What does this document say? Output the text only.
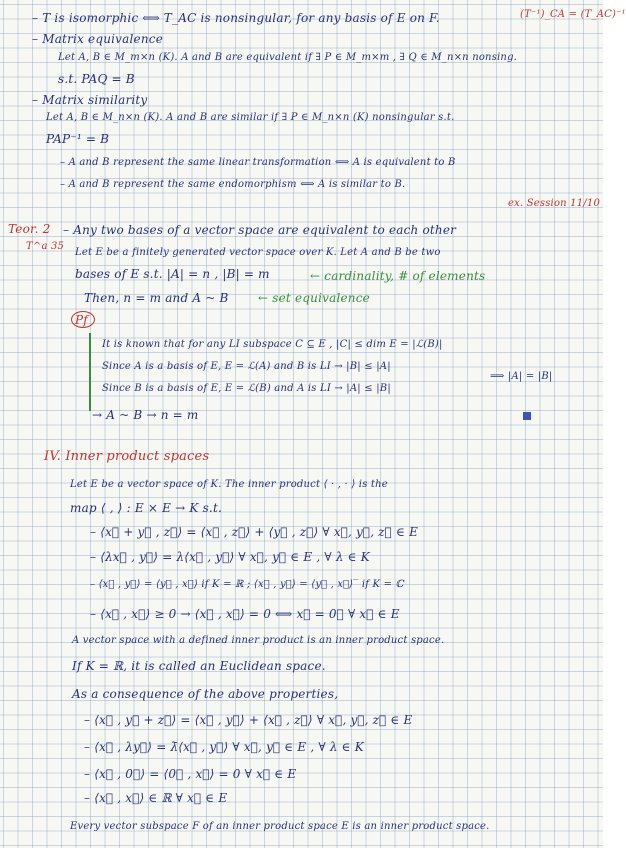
– T is isomorphic ⟺ T_AC is nonsingular, for any basis of E on F.	(T⁻¹)_CA = (T_AC)⁻¹

– Matrix equivalence

Let A, B ∈ M_m×n (K). A and B are equivalent if ∃ P ∈ M_m×m , ∃ Q ∈ M_n×n nonsing.

s.t. PAQ = B

– Matrix similarity

Let A, B ∈ M_n×n (K). A and B are similar if ∃ P ∈ M_n×n (K) nonsingular s.t.

PAP⁻¹ = B

– A and B represent the same linear transformation ⟺ A is equivalent to B

– A and B represent the same endomorphism ⟺ A is similar to B.

ex. Session 11/10

Teor. 2

T^a 35

– Any two bases of a vector space are equivalent to each other

Let E be a finitely generated vector space over K. Let A and B be two

bases of E s.t. |A| = n , |B| = m	← cardinality, # of elements

Then, n = m and A ~ B ← set equivalence

Pf

It is known that for any LI subspace C ⊆ E , |C| ≤ dim E = |ℒ(B)|

Since A is a basis of E, E = ℒ(A) and B is LI → |B| ≤ |A|

⟹ |A| = |B|

Since B is a basis of E, E = ℒ(B) and A is LI → |A| ≤ |B|

→ A ~ B → n = m

IV. Inner product spaces

Let E be a vector space of K. The inner product ⟨ · , · ⟩ is the

map ⟨ , ⟩ : E × E → K s.t.

– ⟨x⃗ + y⃗ , z⃗⟩ = ⟨x⃗ , z⃗⟩ + ⟨y⃗ , z⃗⟩ ∀ x⃗, y⃗, z⃗ ∈ E

– ⟨λx⃗ , y⃗⟩ = λ⟨x⃗ , y⃗⟩ ∀ x⃗, y⃗ ∈ E , ∀ λ ∈ K

– ⟨x⃗ , y⃗⟩ = ⟨y⃗ , x⃗⟩ if K = ℝ ; ⟨x⃗ , y⃗⟩ = ⟨y⃗ , x⃗⟩‾ if K = ℂ

– ⟨x⃗ , x⃗⟩ ≥ 0 → ⟨x⃗ , x⃗⟩ = 0 ⟺ x⃗ = 0⃗ ∀ x⃗ ∈ E

A vector space with a defined inner product is an inner product space.

If K = ℝ, it is called an Euclidean space.

As a consequence of the above properties,

– ⟨x⃗ , y⃗ + z⃗⟩ = ⟨x⃗ , y⃗⟩ + ⟨x⃗ , z⃗⟩ ∀ x⃗, y⃗, z⃗ ∈ E

– ⟨x⃗ , λy⃗⟩ = λ̄⟨x⃗ , y⃗⟩ ∀ x⃗, y⃗ ∈ E , ∀ λ ∈ K

– ⟨x⃗ , 0⃗⟩ = ⟨0⃗ , x⃗⟩ = 0 ∀ x⃗ ∈ E

– ⟨x⃗ , x⃗⟩ ∈ ℝ ∀ x⃗ ∈ E

Every vector subspace F of an inner product space E is an inner product space.
